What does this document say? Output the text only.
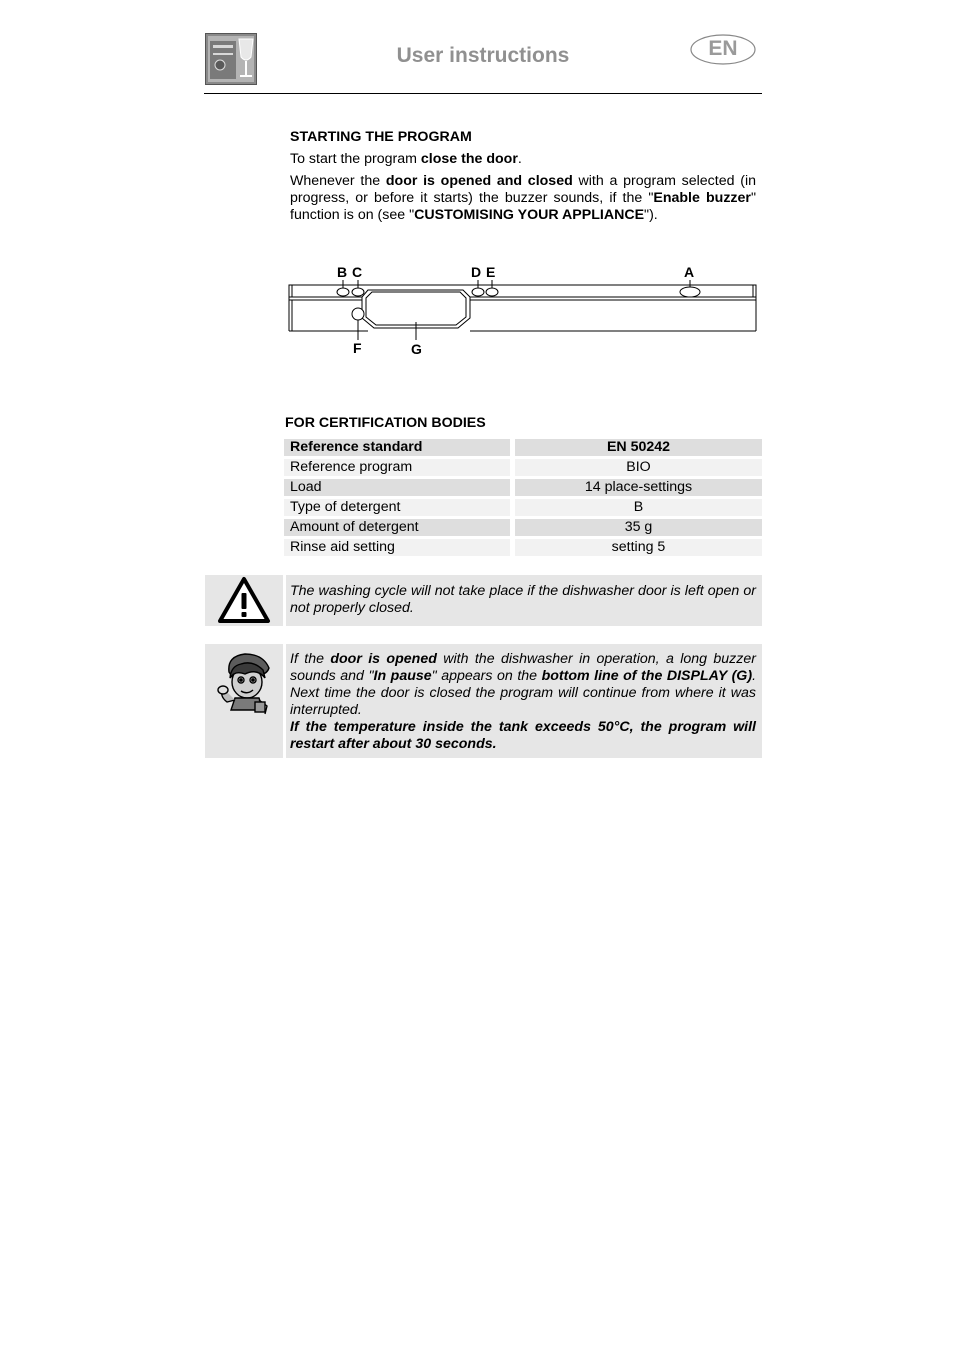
User instructions	EN
STARTING THE PROGRAM
To start the program close the door.
Whenever the door is opened and closed with a program selected (in progress, or before it starts) the buzzer sounds, if the "Enable buzzer" function is on (see "CUSTOMISING YOUR APPLIANCE").
B C	D E	A
F	G
FOR CERTIFICATION BODIES
Reference standard		EN 50242
Reference program		BIO
Load		14 place-settings
Type of detergent		B
Amount of detergent		35 g
Rinse aid setting		setting 5
The washing cycle will not take place if the dishwasher door is left open or not properly closed.
If the door is opened with the dishwasher in operation, a long buzzer sounds and "In pause" appears on the bottom line of the DISPLAY (G). Next time the door is closed the program will continue from where it was interrupted.
If the temperature inside the tank exceeds 50°C, the program will restart after about 30 seconds.
